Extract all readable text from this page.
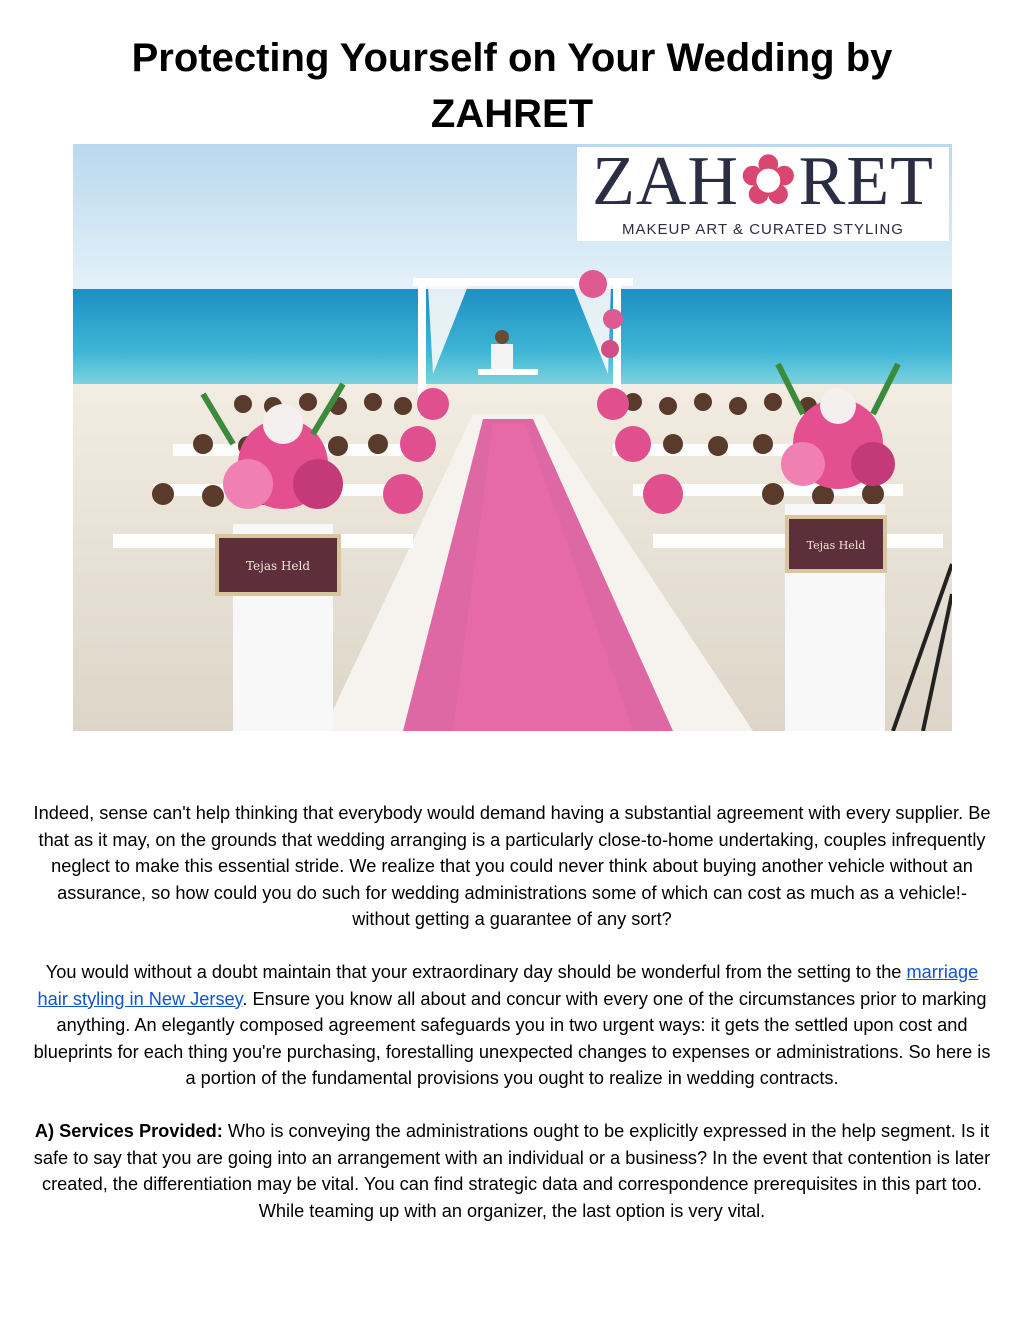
Protecting Yourself on Your Wedding by ZAHRET
Tejas Held
Tejas Held
ZAH✿RET
MAKEUP ART & CURATED STYLING

Indeed, sense can't help thinking that everybody would demand having a substantial agreement with every supplier. Be that as it may, on the grounds that wedding arranging is a particularly close-to-home undertaking, couples infrequently neglect to make this essential stride. We realize that you could never think about buying another vehicle without an assurance, so how could you do such for wedding administrations some of which can cost as much as a vehicle!- without getting a guarantee of any sort?

You would without a doubt maintain that your extraordinary day should be wonderful from the setting to the marriage hair styling in New Jersey. Ensure you know all about and concur with every one of the circumstances prior to marking anything. An elegantly composed agreement safeguards you in two urgent ways: it gets the settled upon cost and blueprints for each thing you're purchasing, forestalling unexpected changes to expenses or administrations. So here is a portion of the fundamental provisions you ought to realize in wedding contracts.

A) Services Provided: Who is conveying the administrations ought to be explicitly expressed in the help segment. Is it safe to say that you are going into an arrangement with an individual or a business? In the event that contention is later created, the differentiation may be vital. You can find strategic data and correspondence prerequisites in this part too. While teaming up with an organizer, the last option is very vital.
